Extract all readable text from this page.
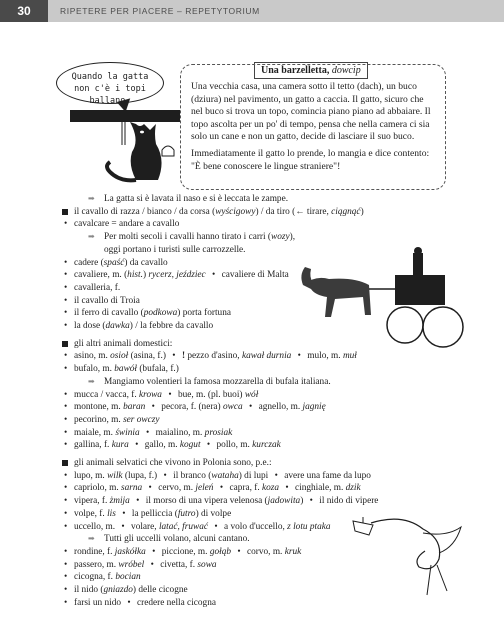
30	RIPETERE PER PIACERE – REPETYTORIUM
Quando la gatta
non c'è i topi ballano.
Una barzelletta, dowcip

Una vecchia casa, una camera sotto il tetto (dach), un buco (dziura) nel pavimento, un gatto a caccia. Il gatto, sicuro che nel buco si trova un topo, comincia piano piano ad abbaiare. Il topo ascolta per un po' di tempo, pensa che nella camera ci sia solo un cane e non un gatto, decide di lasciare il suo buco.

Immediatamente il gatto lo prende, lo mangia e dice contento: "È bene conoscere le lingue straniere"!

➡ La gatta si è lavata il naso e si è leccata le zampe.
il cavallo di razza / bianco / da corsa (wyścigowy) / da tiro (← tirare, ciągnąć)
• cavalcare = andare a cavallo
➡ Per molti secoli i cavalli hanno tirato i carri (wozy),
oggi portano i turisti sulle carrozzelle.
• cadere (spaść) da cavallo
• cavaliere, m. (hist.) rycerz, jeździec • cavaliere di Malta
• cavalleria, f.
• il cavallo di Troia
• il ferro di cavallo (podkowa) porta fortuna
• la dose (dawka) / la febbre da cavallo
gli altri animali domestici:
• asino, m. osioł (asina, f.) • ! pezzo d'asino, kawał durnia • mulo, m. muł
• bufalo, m. bawół (bufala, f.)
➡ Mangiamo volentieri la famosa mozzarella di bufala italiana.
• mucca / vacca, f. krowa • bue, m. (pl. buoi) wół
• montone, m. baran • pecora, f. (nera) owca • agnello, m. jagnię
• pecorino, m. ser owczy
• maiale, m. świnia • maialino, m. prosiak
• gallina, f. kura • gallo, m. kogut • pollo, m. kurczak
gli animali selvatici che vivono in Polonia sono, p.e.:
• lupo, m. wilk (lupa, f.) • il branco (wataha) di lupi • avere una fame da lupo
• capriolo, m. sarna • cervo, m. jeleń • capra, f. koza • cinghiale, m. dzik
• vipera, f. żmija • il morso di una vipera velenosa (jadowita) • il nido di vipere
• volpe, f. lis • la pelliccia (futro) di volpe
• uccello, m. • volare, latać, fruwać • a volo d'uccello, z lotu ptaka
➡ Tutti gli uccelli volano, alcuni cantano.
• rondine, f. jaskółka • piccione, m. gołąb • corvo, m. kruk
• passero, m. wróbel • civetta, f. sowa
• cicogna, f. bocian
• il nido (gniazdo) delle cicogne
• farsi un nido • credere nella cicogna
